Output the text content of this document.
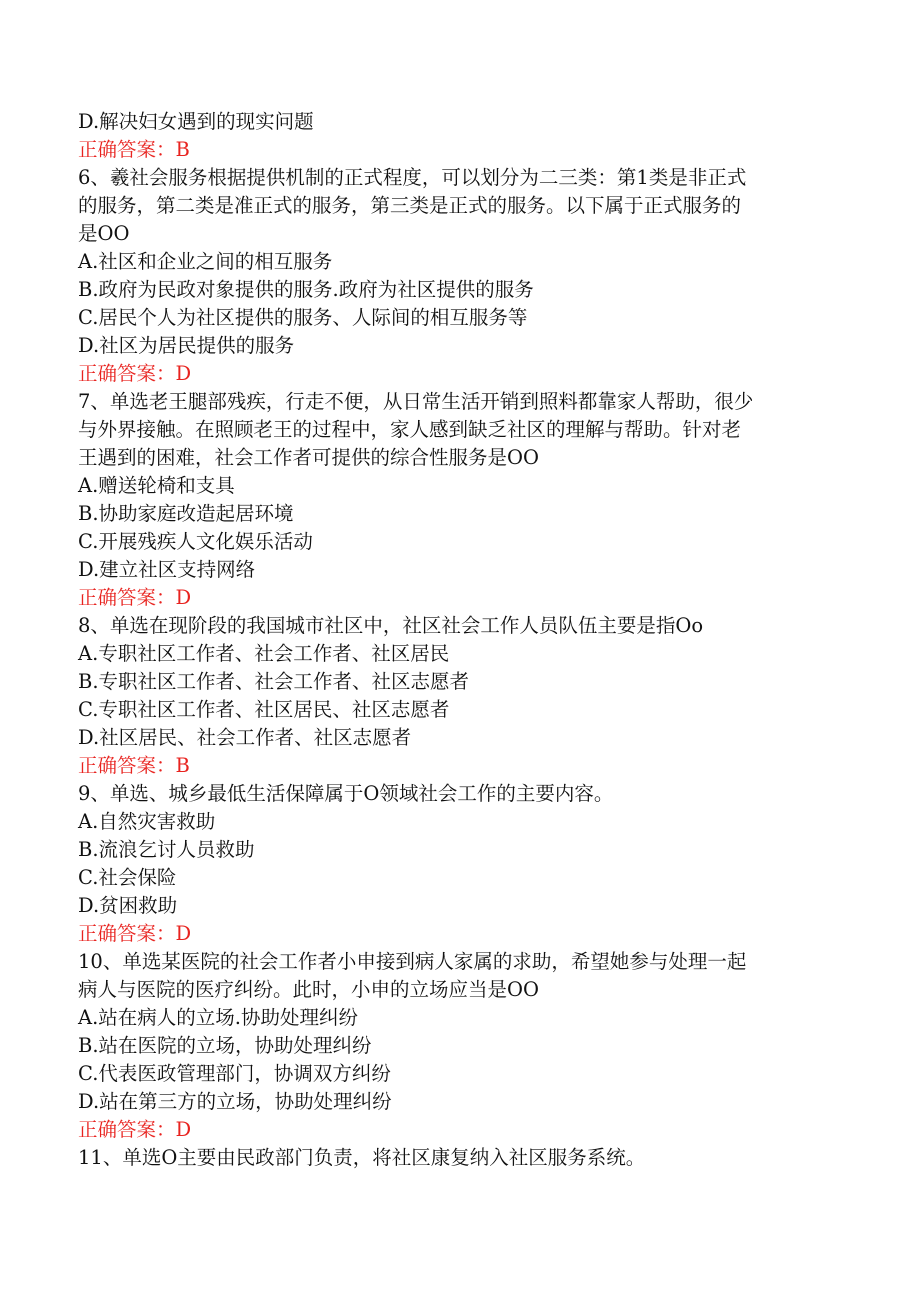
D.解决妇女遇到的现实问题
正确答案：B
6、羲社会服务根据提供机制的正式程度，可以划分为二三类：第1类是非正式
的服务，第二类是准正式的服务，第三类是正式的服务。以下属于正式服务的
是OO
A.社区和企业之间的相互服务
B.政府为民政对象提供的服务.政府为社区提供的服务
C.居民个人为社区提供的服务、人际间的相互服务等
D.社区为居民提供的服务
正确答案：D
7、单选老王腿部残疾，行走不便，从日常生活开销到照料都靠家人帮助，很少
与外界接触。在照顾老王的过程中，家人感到缺乏社区的理解与帮助。针对老
王遇到的困难，社会工作者可提供的综合性服务是OO
A.赠送轮椅和支具
B.协助家庭改造起居环境
C.开展残疾人文化娱乐活动
D.建立社区支持网络
正确答案：D
8、单选在现阶段的我国城市社区中，社区社会工作人员队伍主要是指Oo
A.专职社区工作者、社会工作者、社区居民
B.专职社区工作者、社会工作者、社区志愿者
C.专职社区工作者、社区居民、社区志愿者
D.社区居民、社会工作者、社区志愿者
正确答案：B
9、单选、城乡最低生活保障属于O领域社会工作的主要内容。
A.自然灾害救助
B.流浪乞讨人员救助
C.社会保险
D.贫困救助
正确答案：D
10、单选某医院的社会工作者小申接到病人家属的求助，希望她参与处理一起
病人与医院的医疗纠纷。此时，小申的立场应当是OO
A.站在病人的立场.协助处理纠纷
B.站在医院的立场，协助处理纠纷
C.代表医政管理部门，协调双方纠纷
D.站在第三方的立场，协助处理纠纷
正确答案：D
11、单选O主要由民政部门负责，将社区康复纳入社区服务系统。
